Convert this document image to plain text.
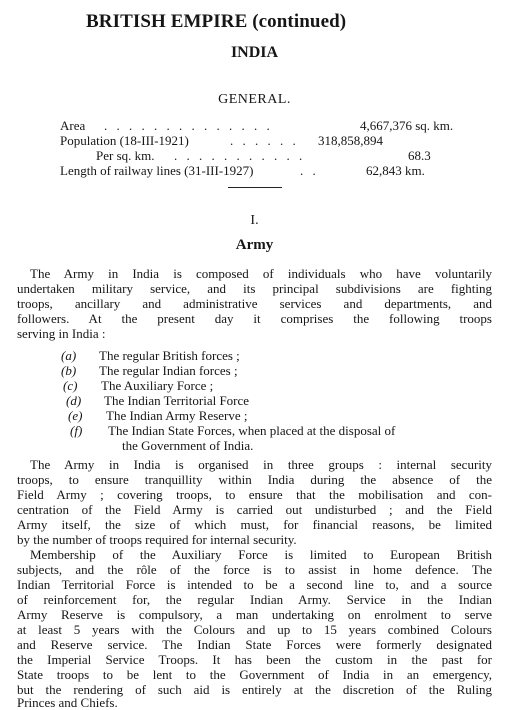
BRITISH EMPIRE (continued)
INDIA
GENERAL.
Area . . . . . . . . . . . . . .	4,667,376 sq. km.
Population (18-III-1921)	. . . . . . 318,858,894
Per sq. km. . . . . . . . . . . .	68.3
Length of railway lines (31-III-1927)	. .	62,843 km.
I.
Army
The Army in India is composed of individuals who have voluntarily
undertaken military service, and its principal subdivisions are fighting
troops, ancillary and administrative services and departments, and
followers. At the present day it comprises the following troops
serving in India :
(a) The regular British forces ;
(b) The regular Indian forces ;
(c) The Auxiliary Force ;
(d) The Indian Territorial Force
(e) The Indian Army Reserve ;
(f) The Indian State Forces, when placed at the disposal of
the Government of India.
The Army in India is organised in three groups : internal security
troops, to ensure tranquillity within India during the absence of the
Field Army ; covering troops, to ensure that the mobilisation and con-
centration of the Field Army is carried out undisturbed ; and the Field
Army itself, the size of which must, for financial reasons, be limited
by the number of troops required for internal security.
Membership of the Auxiliary Force is limited to European British
subjects, and the rôle of the force is to assist in home defence. The
Indian Territorial Force is intended to be a second line to, and a source
of reinforcement for, the regular Indian Army. Service in the Indian
Army Reserve is compulsory, a man undertaking on enrolment to serve
at least 5 years with the Colours and up to 15 years combined Colours
and Reserve service. The Indian State Forces were formerly designated
the Imperial Service Troops. It has been the custom in the past for
State troops to be lent to the Government of India in an emergency,
but the rendering of such aid is entirely at the discretion of the Ruling
Princes and Chiefs.
